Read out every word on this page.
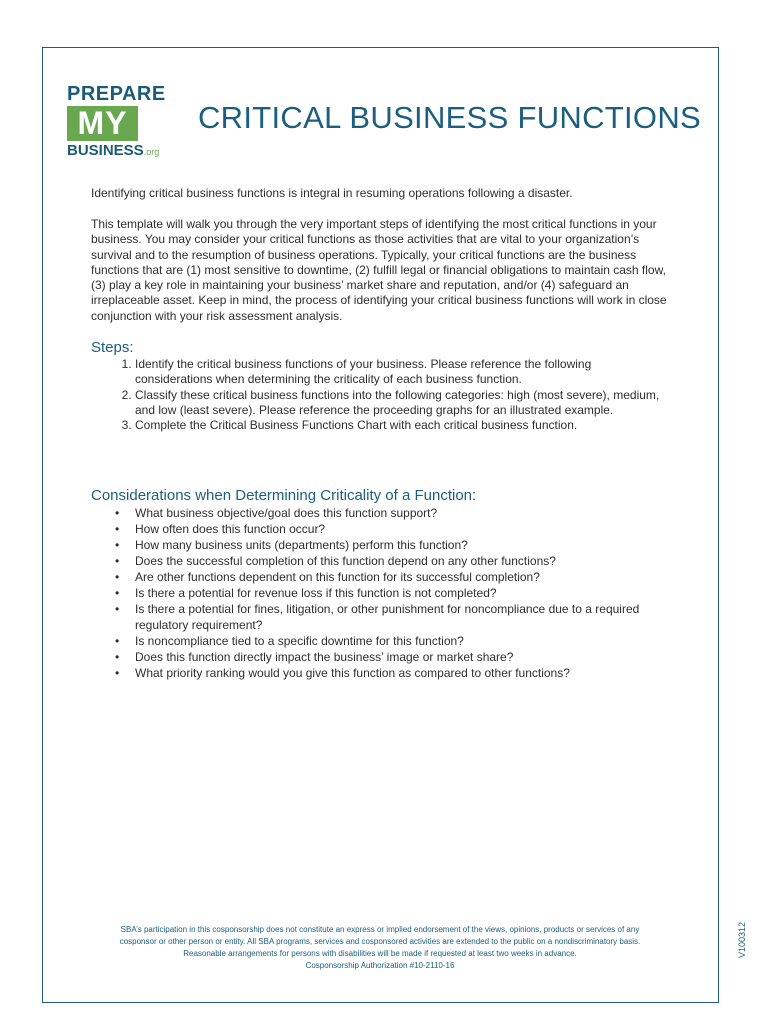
PREPARE
MY
BUSINESS.org
CRITICAL BUSINESS FUNCTIONS
Identifying critical business functions is integral in resuming operations following a disaster.
This template will walk you through the very important steps of identifying the most critical functions in your business. You may consider your critical functions as those activities that are vital to your organization’s survival and to the resumption of business operations. Typically, your critical functions are the business functions that are (1) most sensitive to downtime, (2) fulfill legal or financial obligations to maintain cash flow, (3) play a key role in maintaining your business’ market share and reputation, and/or (4) safeguard an irreplaceable asset. Keep in mind, the process of identifying your critical business functions will work in close conjunction with your risk assessment analysis.
Steps:
1. Identify the critical business functions of your business. Please reference the following considerations when determining the criticality of each business function.
2. Classify these critical business functions into the following categories: high (most severe), medium, and low (least severe). Please reference the proceeding graphs for an illustrated example.
3. Complete the Critical Business Functions Chart with each critical business function.
Considerations when Determining Criticality of a Function:
• What business objective/goal does this function support?
• How often does this function occur?
• How many business units (departments) perform this function?
• Does the successful completion of this function depend on any other functions?
• Are other functions dependent on this function for its successful completion?
• Is there a potential for revenue loss if this function is not completed?
• Is there a potential for fines, litigation, or other punishment for noncompliance due to a required regulatory requirement?
• Is noncompliance tied to a specific downtime for this function?
• Does this function directly impact the business’ image or market share?
• What priority ranking would you give this function as compared to other functions?
SBA’s participation in this cosponsorship does not constitute an express or implied endorsement of the views, opinions, products or services of any
cosponsor or other person or entity. All SBA programs, services and cosponsored activities are extended to the public on a nondiscriminatory basis.
Reasonable arrangements for persons with disabilities will be made if requested at least two weeks in advance.
Cosponsorship Authorization #10-2110-16
V100312
